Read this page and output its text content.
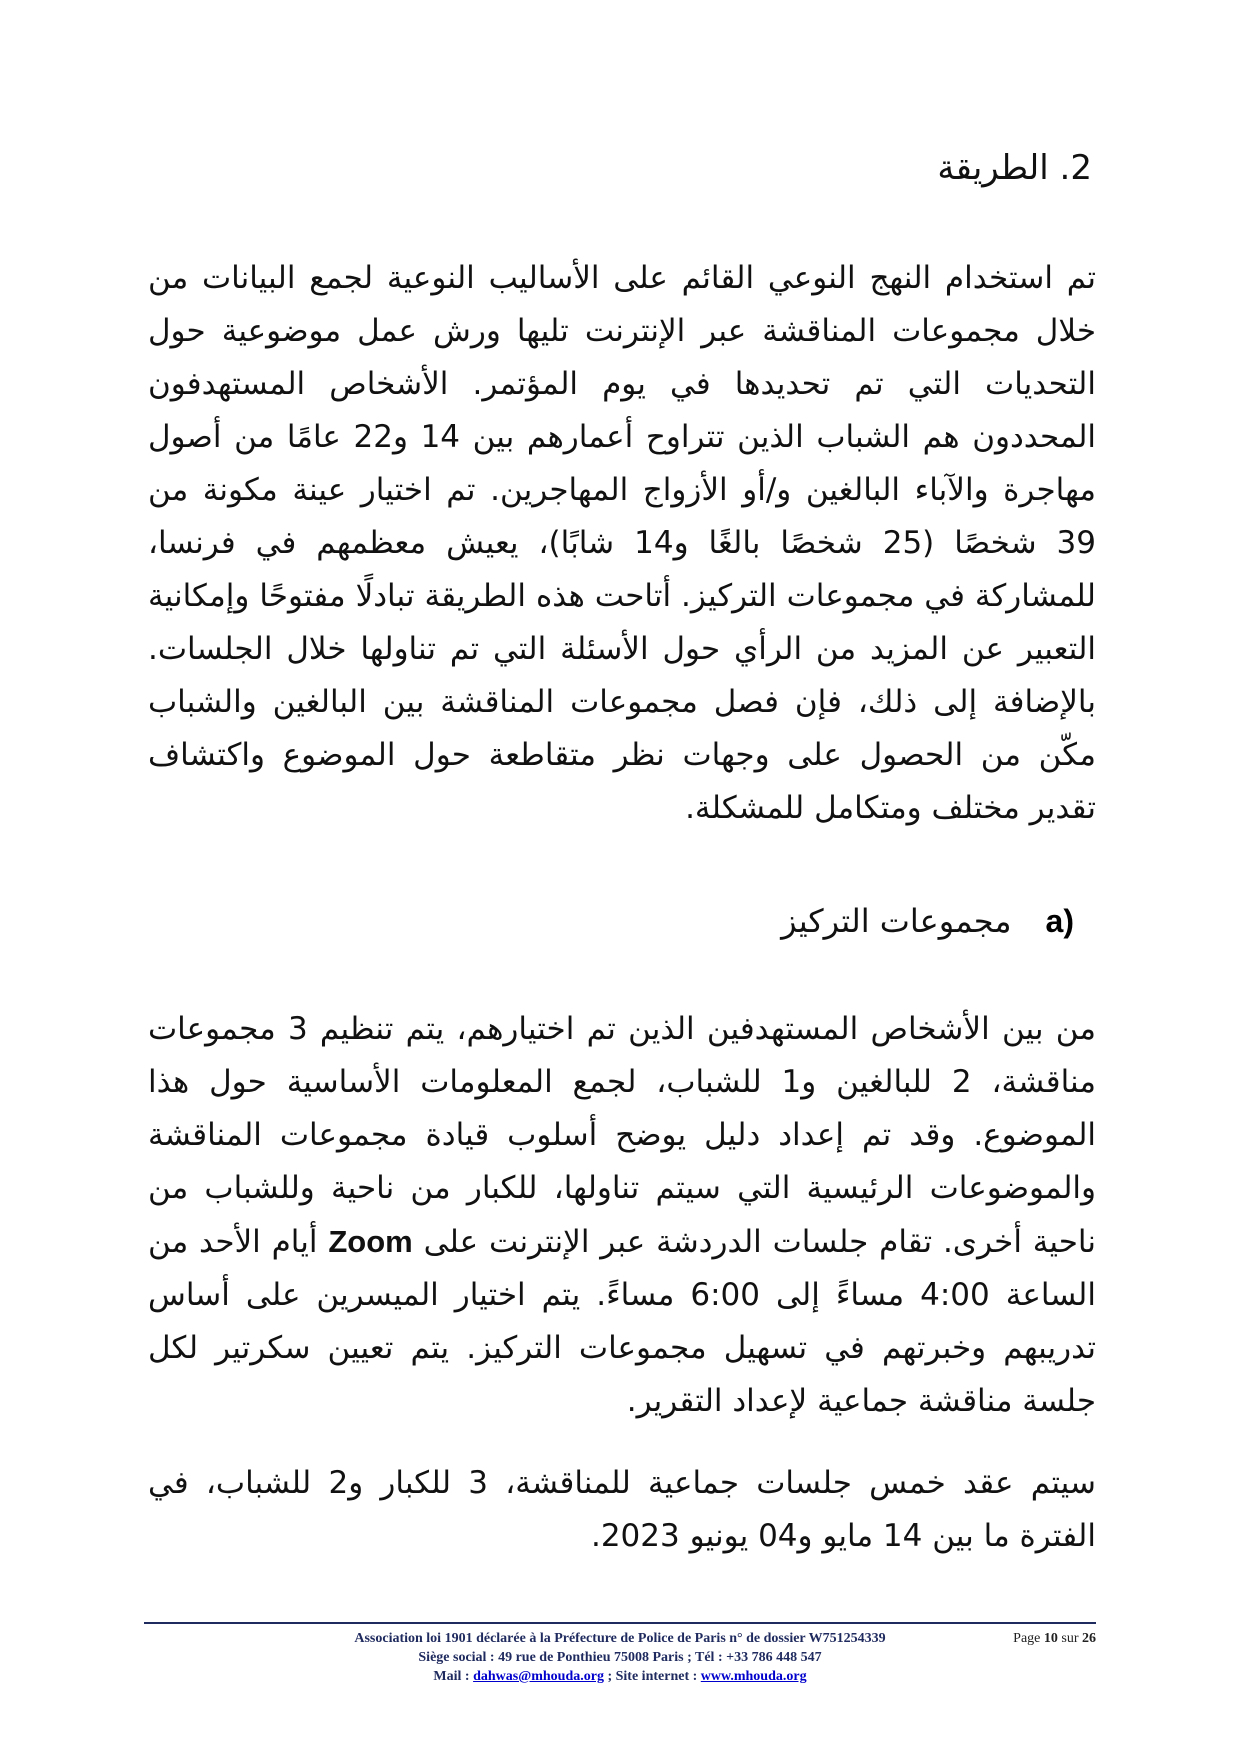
2. الطريقة

تم استخدام النهج النوعي القائم على الأساليب النوعية لجمع البيانات من خلال مجموعات المناقشة عبر الإنترنت تليها ورش عمل موضوعية حول التحديات التي تم تحديدها في يوم المؤتمر. الأشخاص المستهدفون المحددون هم الشباب الذين تتراوح أعمارهم بين 14 و22 عامًا من أصول مهاجرة والآباء البالغين و/أو الأزواج المهاجرين. تم اختيار عينة مكونة من 39 شخصًا (25 شخصًا بالغًا و14 شابًا)، يعيش معظمهم في فرنسا، للمشاركة في مجموعات التركيز. أتاحت هذه الطريقة تبادلًا مفتوحًا وإمكانية التعبير عن المزيد من الرأي حول الأسئلة التي تم تناولها خلال الجلسات. بالإضافة إلى ذلك، فإن فصل مجموعات المناقشة بين البالغين والشباب مكّن من الحصول على وجهات نظر متقاطعة حول الموضوع واكتشاف تقدير مختلف ومتكامل للمشكلة.

مجموعات التركيز a)

من بين الأشخاص المستهدفين الذين تم اختيارهم، يتم تنظيم 3 مجموعات مناقشة، 2 للبالغين و1 للشباب، لجمع المعلومات الأساسية حول هذا الموضوع. وقد تم إعداد دليل يوضح أسلوب قيادة مجموعات المناقشة والموضوعات الرئيسية التي سيتم تناولها، للكبار من ناحية وللشباب من ناحية أخرى. تقام جلسات الدردشة عبر الإنترنت على Zoom أيام الأحد من الساعة 4:00 مساءً إلى 6:00 مساءً. يتم اختيار الميسرين على أساس تدريبهم وخبرتهم في تسهيل مجموعات التركيز. يتم تعيين سكرتير لكل جلسة مناقشة جماعية لإعداد التقرير.

سيتم عقد خمس جلسات جماعية للمناقشة، 3 للكبار و2 للشباب، في الفترة ما بين 14 مايو و04 يونيو 2023.

Association loi 1901 déclarée à la Préfecture de Police de Paris n° de dossier W751254339	Page 10 sur 26
Siège social : 49 rue de Ponthieu 75008 Paris ; Tél : +33 786 448 547
Mail : dahwas@mhouda.org ; Site internet : www.mhouda.org
